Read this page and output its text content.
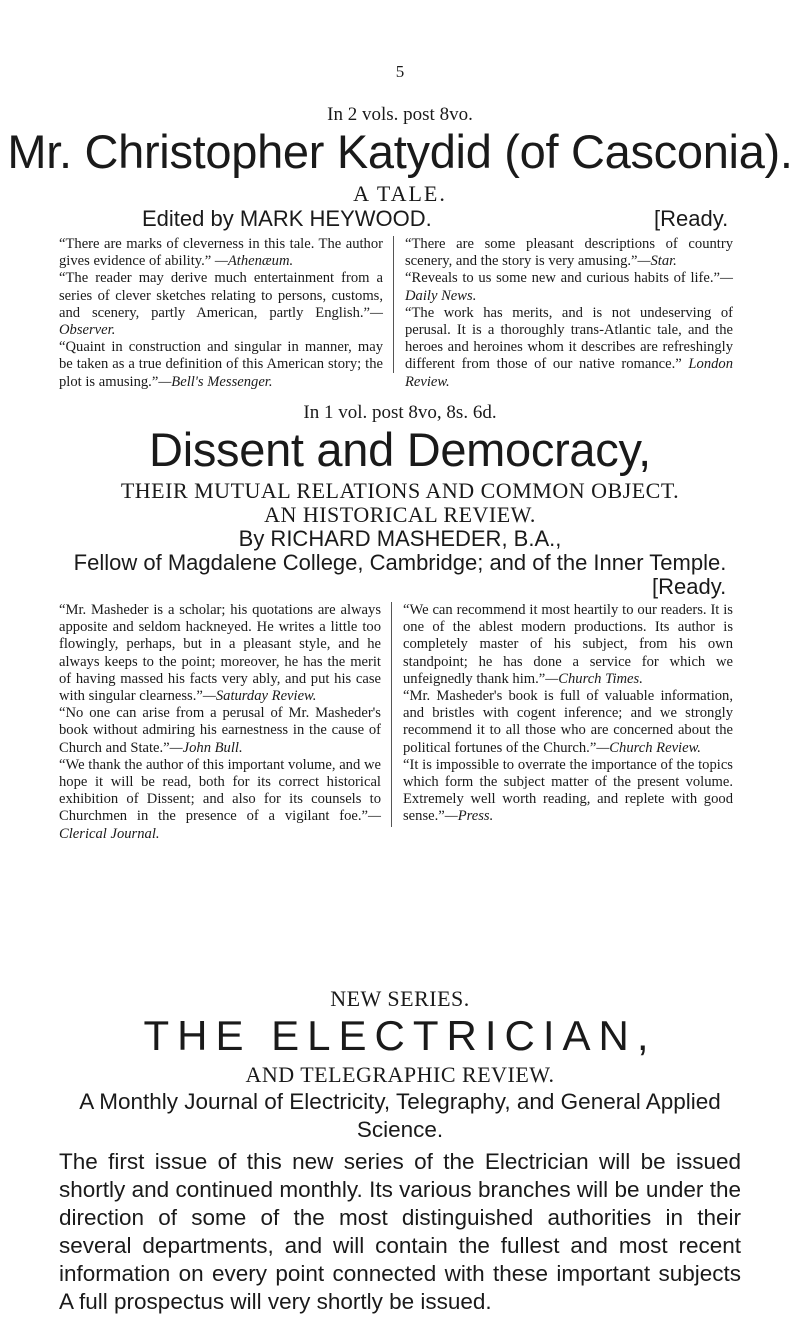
5
In 2 vols. post 8vo.
Mr. Christopher Katydid (of Casconia).
A TALE.
Edited by MARK HEYWOOD.	[Ready.

“There are marks of cleverness in this tale. The author gives evidence of ability.” —Athenæum.

“The reader may derive much entertainment from a series of clever sketches relating to persons, customs, and scenery, partly American, partly English.”—Observer.

“Quaint in construction and singular in manner, may be taken as a true definition of this American story; the plot is amusing.”—Bell's Messenger.

“There are some pleasant descriptions of country scenery, and the story is very amusing.”—Star.

“Reveals to us some new and curious habits of life.”—Daily News.

“The work has merits, and is not undeserving of perusal. It is a thoroughly trans-Atlantic tale, and the heroes and heroines whom it describes are refreshingly different from those of our native romance.” London Review.

In 1 vol. post 8vo, 8s. 6d.
Dissent and Democracy,
THEIR MUTUAL RELATIONS AND COMMON OBJECT.
AN HISTORICAL REVIEW.
By RICHARD MASHEDER, B.A.,
Fellow of Magdalene College, Cambridge; and of the Inner Temple.
[Ready.

“Mr. Masheder is a scholar; his quotations are always apposite and seldom hackneyed. He writes a little too flowingly, perhaps, but in a pleasant style, and he always keeps to the point; moreover, he has the merit of having massed his facts very ably, and put his case with singular clearness.”—Saturday Review.

“No one can arise from a perusal of Mr. Masheder's book without admiring his earnestness in the cause of Church and State.”—John Bull.

“We thank the author of this important volume, and we hope it will be read, both for its correct historical exhibition of Dissent; and also for its counsels to Churchmen in the presence of a vigilant foe.”—Clerical Journal.

“We can recommend it most heartily to our readers. It is one of the ablest modern productions. Its author is completely master of his subject, from his own standpoint; he has done a service for which we unfeignedly thank him.”—Church Times.

“Mr. Masheder's book is full of valuable information, and bristles with cogent inference; and we strongly recommend it to all those who are concerned about the political fortunes of the Church.”—Church Review.

“It is impossible to overrate the importance of the topics which form the subject matter of the present volume. Extremely well worth reading, and replete with good sense.”—Press.

NEW SERIES.
THE ELECTRICIAN,
AND TELEGRAPHIC REVIEW.
A Monthly Journal of Electricity, Telegraphy, and General Applied Science.
The first issue of this new series of the Electrician will be issued shortly and continued monthly. Its various branches will be under the direction of some of the most distinguished authorities in their several departments, and will contain the fullest and most recent information on every point connected with these important subjects A full prospectus will very shortly be issued.
